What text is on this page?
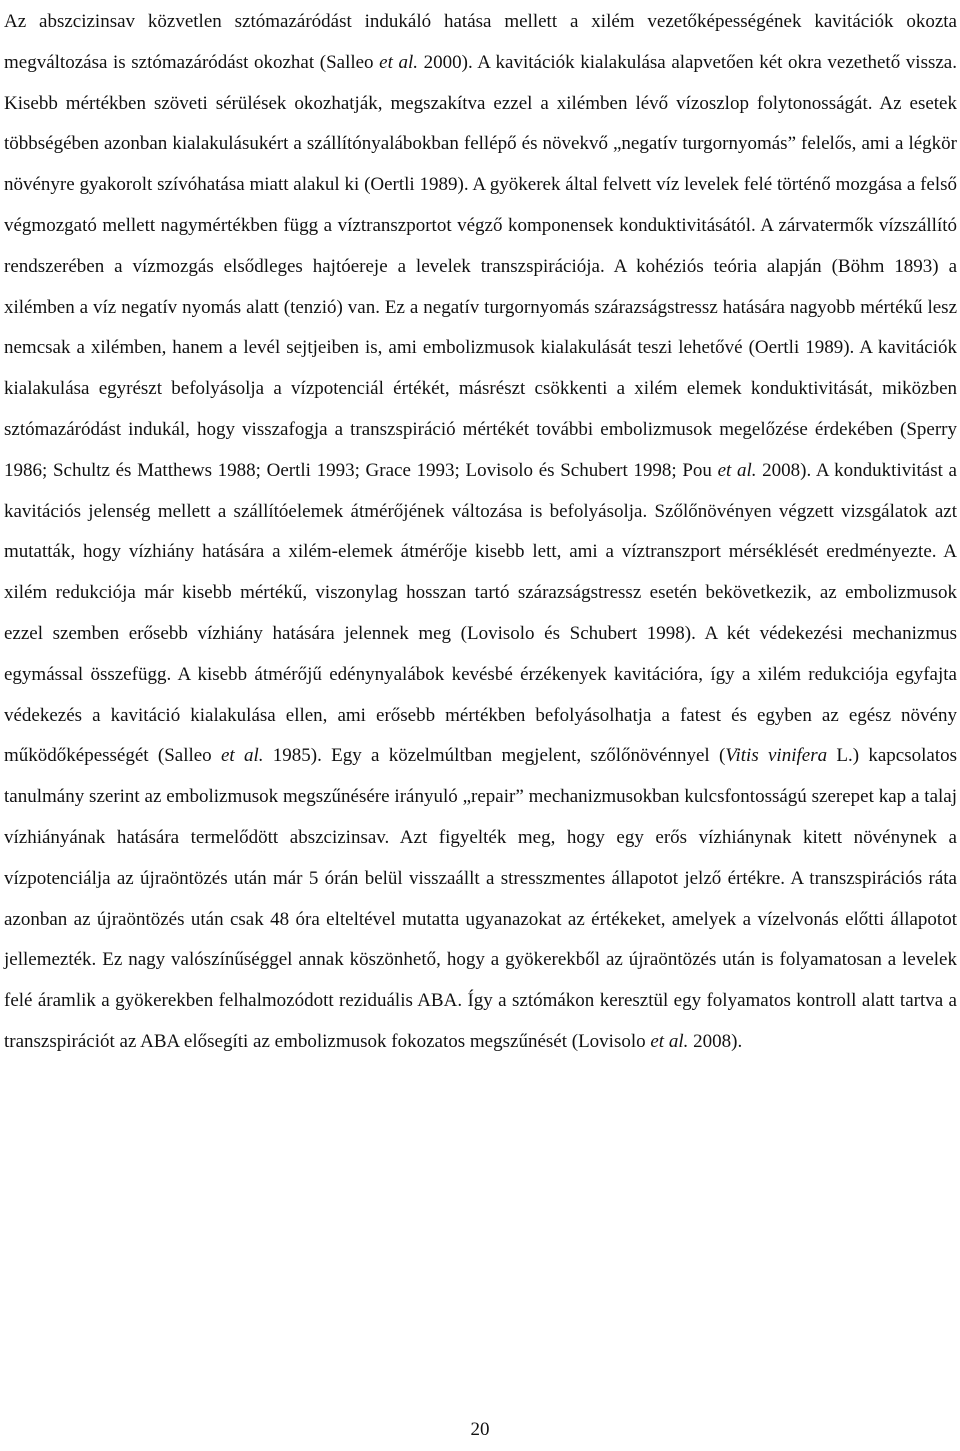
Az abszcizinsav közvetlen sztómazáródást indukáló hatása mellett a xilém vezetőképességének kavitációk okozta megváltozása is sztómazáródást okozhat (Salleo et al. 2000). A kavitációk kialakulása alapvetően két okra vezethető vissza. Kisebb mértékben szöveti sérülések okozhatják, megszakítva ezzel a xilémben lévő vízoszlop folytonosságát. Az esetek többségében azonban kialakulásukért a szállítónyalábokban fellépő és növekvő „negatív turgornyomás” felelős, ami a légkör növényre gyakorolt szívóhatása miatt alakul ki (Oertli 1989). A gyökerek által felvett víz levelek felé történő mozgása a felső végmozgató mellett nagymértékben függ a víztranszportot végző komponensek konduktivitásától. A zárvatermők vízszállító rendszerében a vízmozgás elsődleges hajtóereje a levelek transzspirációja. A kohéziós teória alapján (Böhm 1893) a xilémben a víz negatív nyomás alatt (tenzió) van. Ez a negatív turgornyomás szárazságstressz hatására nagyobb mértékű lesz nemcsak a xilémben, hanem a levél sejtjeiben is, ami embolizmusok kialakulását teszi lehetővé (Oertli 1989). A kavitációk kialakulása egyrészt befolyásolja a vízpotenciál értékét, másrészt csökkenti a xilém elemek konduktivitását, miközben sztómazáródást indukál, hogy visszafogja a transzspiráció mértékét további embolizmusok megelőzése érdekében (Sperry 1986; Schultz és Matthews 1988; Oertli 1993; Grace 1993; Lovisolo és Schubert 1998; Pou et al. 2008). A konduktivitást a kavitációs jelenség mellett a szállítóelemek átmérőjének változása is befolyásolja. Szőlőnövényen végzett vizsgálatok azt mutatták, hogy vízhiány hatására a xilém-elemek átmérője kisebb lett, ami a víztranszport mérséklését eredményezte. A xilém redukciója már kisebb mértékű, viszonylag hosszan tartó szárazságstressz esetén bekövetkezik, az embolizmusok ezzel szemben erősebb vízhiány hatására jelennek meg (Lovisolo és Schubert 1998). A két védekezési mechanizmus egymással összefügg. A kisebb átmérőjű edénynyalábok kevésbé érzékenyek kavitációra, így a xilém redukciója egyfajta védekezés a kavitáció kialakulása ellen, ami erősebb mértékben befolyásolhatja a fatest és egyben az egész növény működőképességét (Salleo et al. 1985). Egy a közelmúltban megjelent, szőlőnövénnyel (Vitis vinifera L.) kapcsolatos tanulmány szerint az embolizmusok megszűnésére irányuló „repair” mechanizmusokban kulcsfontosságú szerepet kap a talaj vízhiányának hatására termelődött abszcizinsav. Azt figyelték meg, hogy egy erős vízhiánynak kitett növénynek a vízpotenciálja az újraöntözés után már 5 órán belül visszaállt a stresszmentes állapotot jelző értékre. A transzspirációs ráta azonban az újraöntözés után csak 48 óra elteltével mutatta ugyanazokat az értékeket, amelyek a vízelvonás előtti állapotot jellemezték. Ez nagy valószínűséggel annak köszönhető, hogy a gyökerekből az újraöntözés után is folyamatosan a levelek felé áramlik a gyökerekben felhalmozódott reziduális ABA. Így a sztómákon keresztül egy folyamatos kontroll alatt tartva a transzspirációt az ABA elősegíti az embolizmusok fokozatos megszűnését (Lovisolo et al. 2008).

20
